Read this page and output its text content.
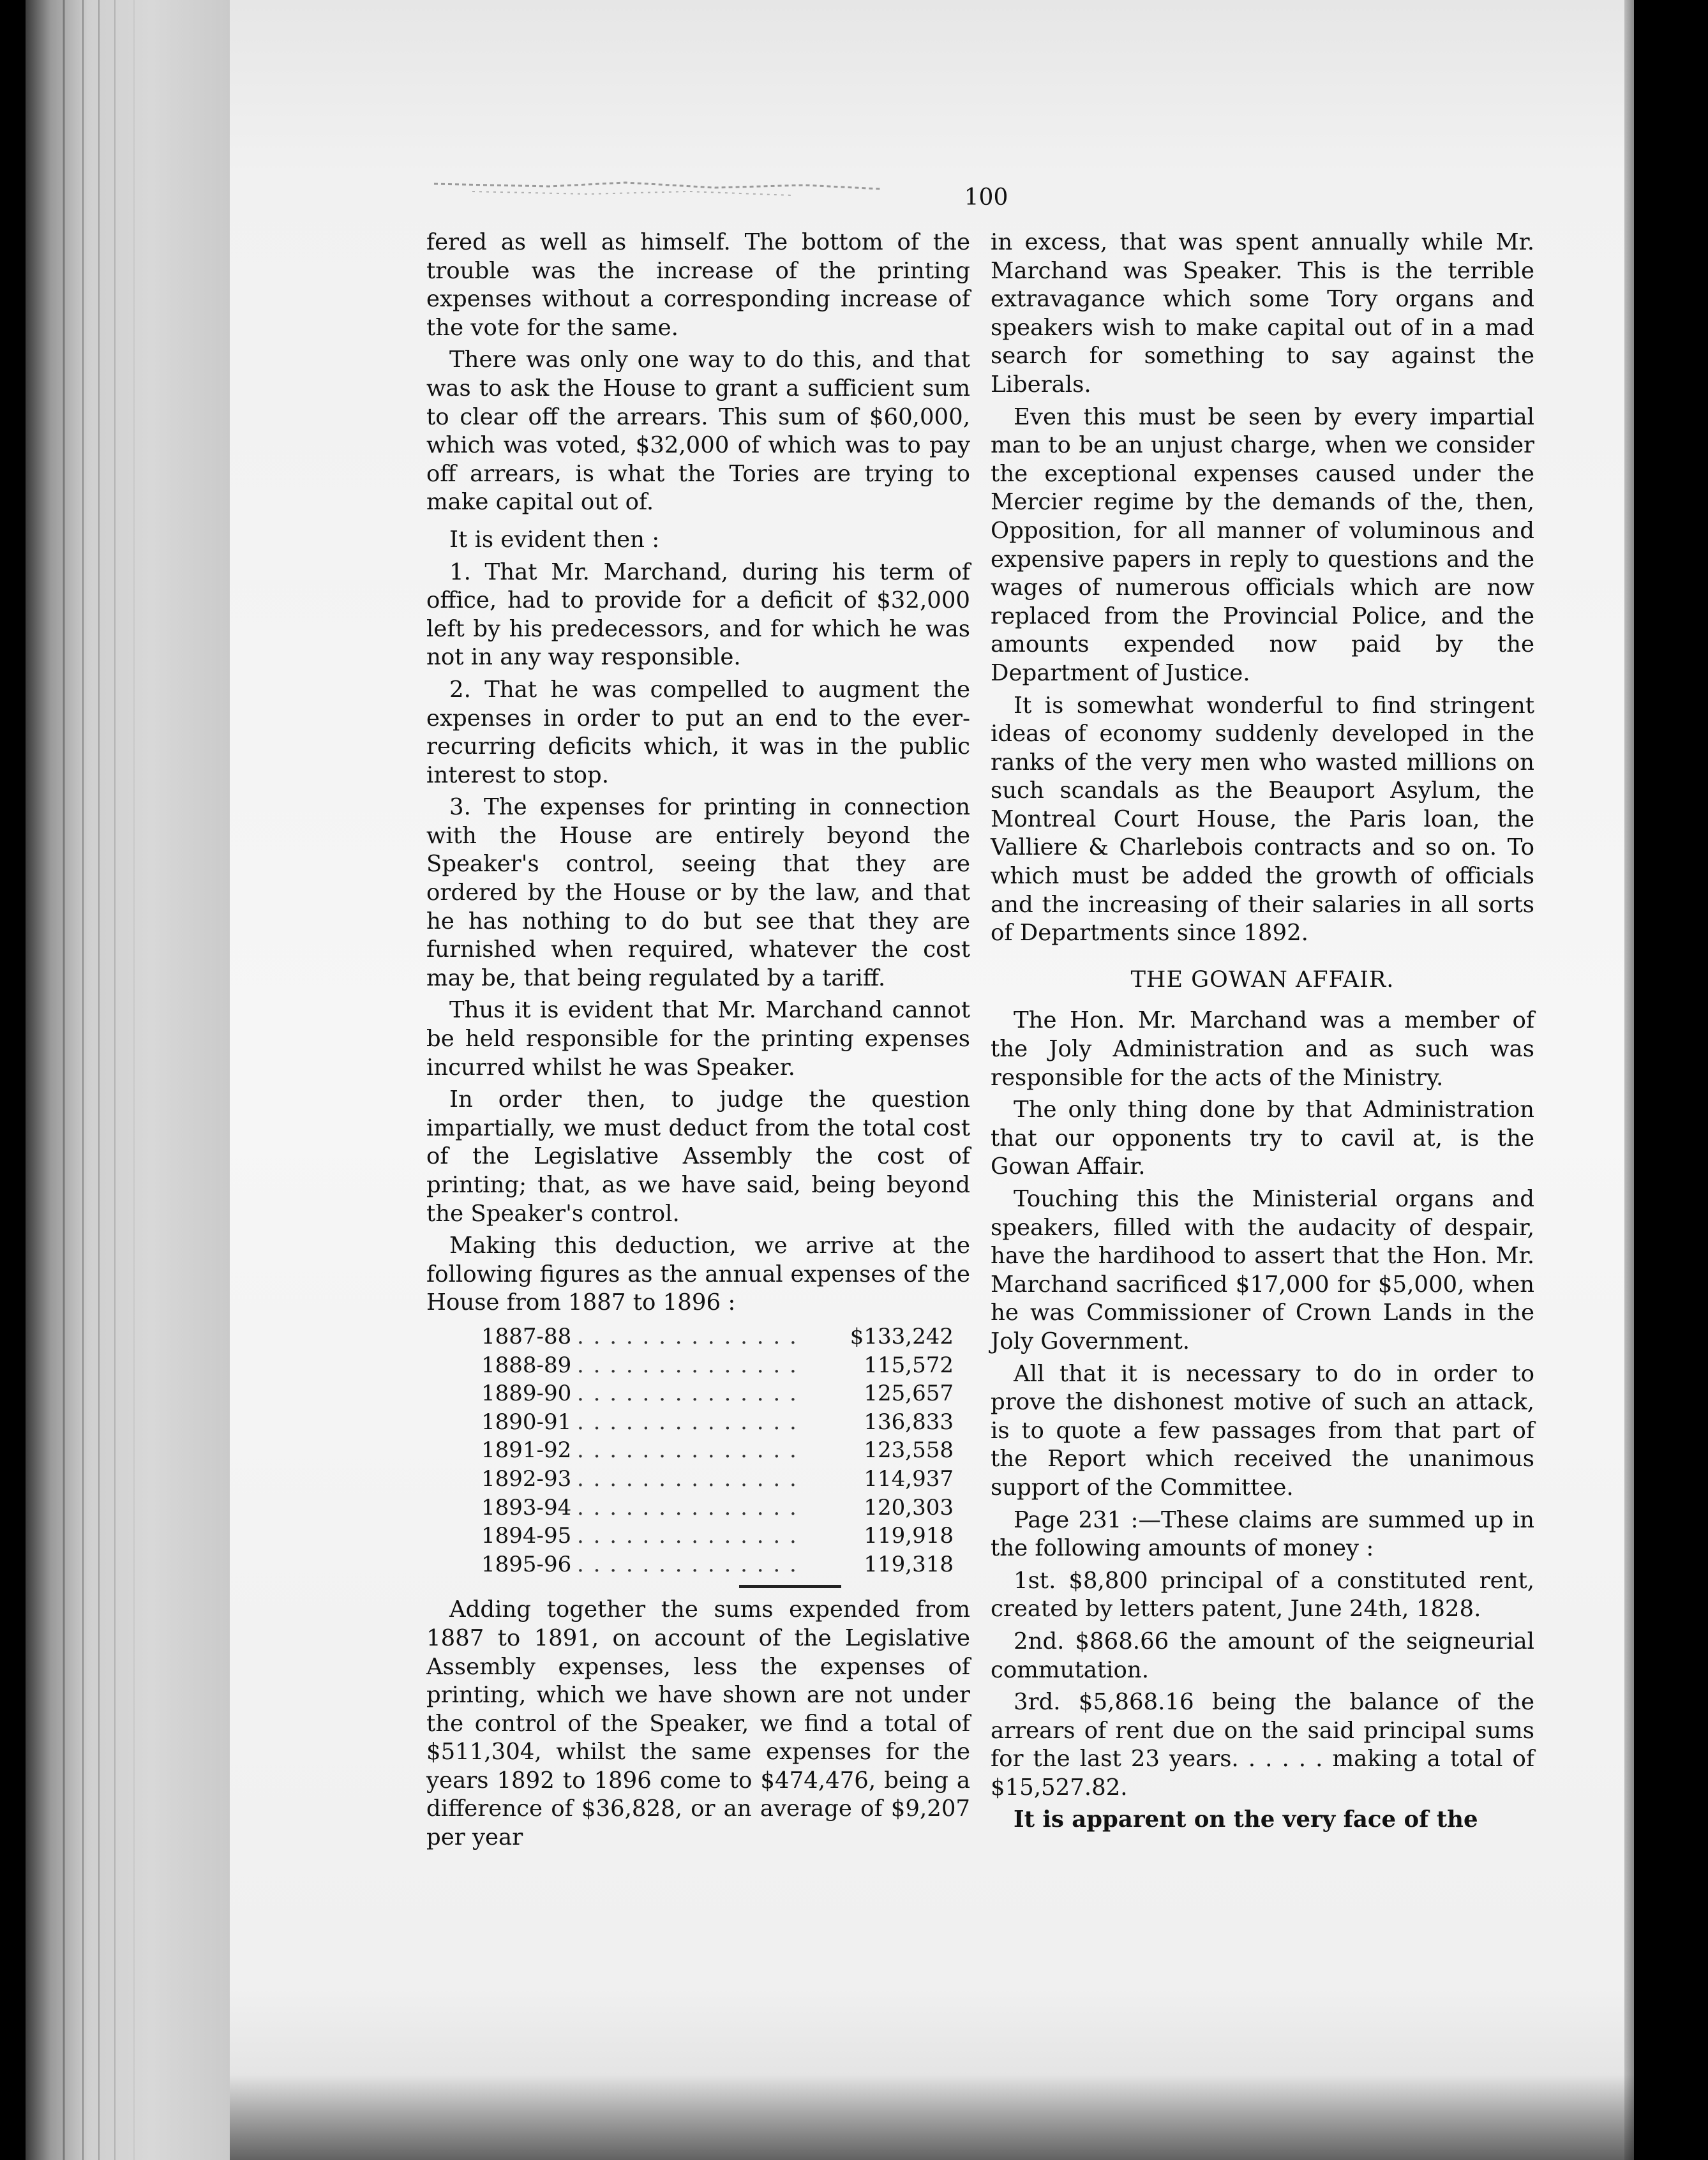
100

fered as well as himself. The bottom of the trouble was the increase of the printing expenses without a corresponding increase of the vote for the same.

There was only one way to do this, and that was to ask the House to grant a sufficient sum to clear off the arrears. This sum of $60,000, which was voted, $32,000 of which was to pay off arrears, is what the Tories are trying to make capital out of.

It is evident then :

1. That Mr. Marchand, during his term of office, had to provide for a deficit of $32,000 left by his predecessors, and for which he was not in any way responsible.

2. That he was compelled to augment the expenses in order to put an end to the ever-recurring deficits which, it was in the public interest to stop.

3. The expenses for printing in connection with the House are entirely beyond the Speaker's control, seeing that they are ordered by the House or by the law, and that he has nothing to do but see that they are furnished when required, whatever the cost may be, that being regulated by a tariff.

Thus it is evident that Mr. Marchand cannot be held responsible for the printing expenses incurred whilst he was Speaker.

In order then, to judge the question impartially, we must deduct from the total cost of the Legislative Assembly the cost of printing; that, as we have said, being beyond the Speaker's control.

Making this deduction, we arrive at the following figures as the annual expenses of the House from 1887 to 1896 :

1887-88	. . . . . . . . . . . . . .	$133,242
1888-89	. . . . . . . . . . . . . .	115,572
1889-90	. . . . . . . . . . . . . .	125,657
1890-91	. . . . . . . . . . . . . .	136,833
1891-92	. . . . . . . . . . . . . .	123,558
1892-93	. . . . . . . . . . . . . .	114,937
1893-94	. . . . . . . . . . . . . .	120,303
1894-95	. . . . . . . . . . . . . .	119,918
1895-96	. . . . . . . . . . . . . .	119,318

Adding together the sums expended from 1887 to 1891, on account of the Legislative Assembly expenses, less the expenses of printing, which we have shown are not under the control of the Speaker, we find a total of $511,304, whilst the same expenses for the years 1892 to 1896 come to $474,476, being a difference of $36,828, or an average of $9,207 per year

in excess, that was spent annually while Mr. Marchand was Speaker. This is the terrible extravagance which some Tory organs and speakers wish to make capital out of in a mad search for something to say against the Liberals.

Even this must be seen by every impartial man to be an unjust charge, when we consider the exceptional expenses caused under the Mercier regime by the demands of the, then, Opposition, for all manner of voluminous and expensive papers in reply to questions and the wages of numerous officials which are now replaced from the Provincial Police, and the amounts expended now paid by the Department of Justice.

It is somewhat wonderful to find stringent ideas of economy suddenly developed in the ranks of the very men who wasted millions on such scandals as the Beauport Asylum, the Montreal Court House, the Paris loan, the Valliere & Charlebois contracts and so on. To which must be added the growth of officials and the increasing of their salaries in all sorts of Departments since 1892.

THE GOWAN AFFAIR.

The Hon. Mr. Marchand was a member of the Joly Administration and as such was responsible for the acts of the Ministry.

The only thing done by that Administration that our opponents try to cavil at, is the Gowan Affair.

Touching this the Ministerial organs and speakers, filled with the audacity of despair, have the hardihood to assert that the Hon. Mr. Marchand sacrificed $17,000 for $5,000, when he was Commissioner of Crown Lands in the Joly Government.

All that it is necessary to do in order to prove the dishonest motive of such an attack, is to quote a few passages from that part of the Report which received the unanimous support of the Committee.

Page 231 :—These claims are summed up in the following amounts of money :

1st. $8,800 principal of a constituted rent, created by letters patent, June 24th, 1828.

2nd. $868.66 the amount of the seigneurial commutation.

3rd. $5,868.16 being the balance of the arrears of rent due on the said principal sums for the last 23 years. . . . . . making a total of $15,527.82.

It is apparent on the very face of the
